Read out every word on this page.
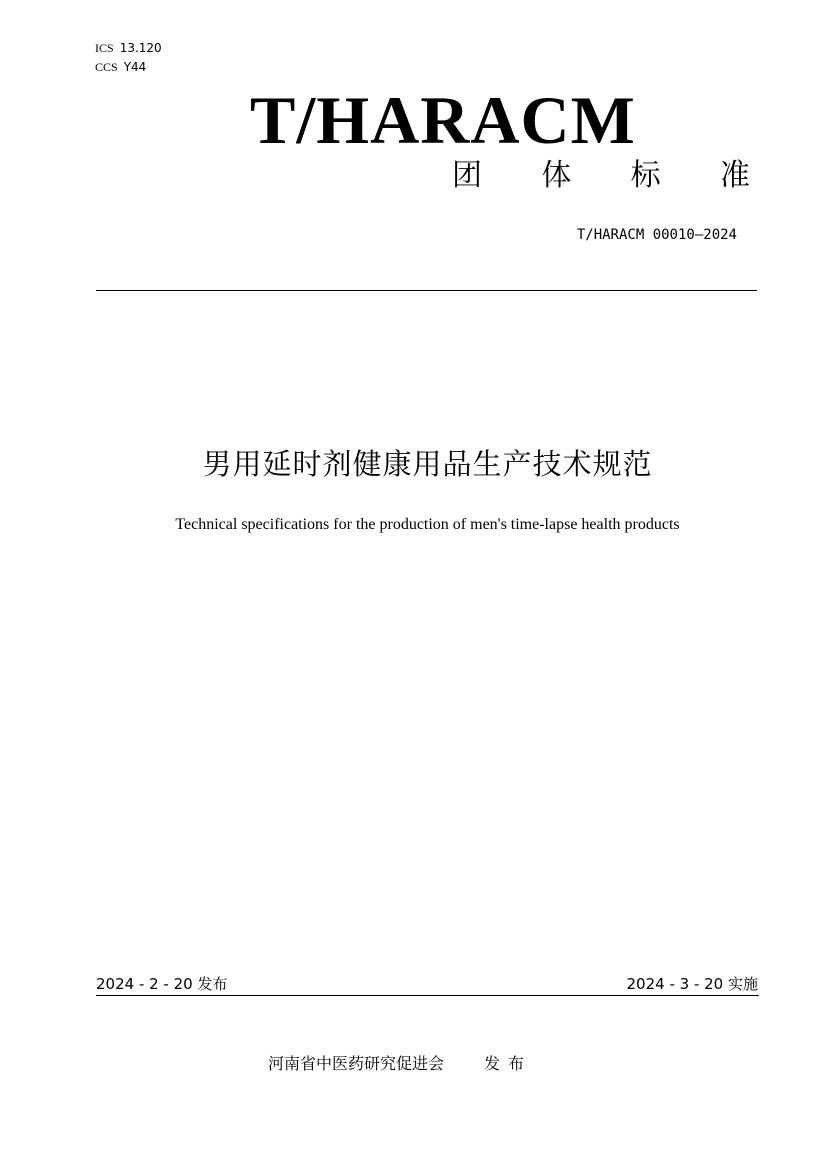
ICS 13.120
CCS Y44
T/HARACM
团 体 标 准
T/HARACM 00010—2024
男用延时剂健康用品生产技术规范
Technical specifications for the production of men's time-lapse health products
2024 - 2 - 20 发布	2024 - 3 - 20 实施
河南省中医药研究促进会	发布
